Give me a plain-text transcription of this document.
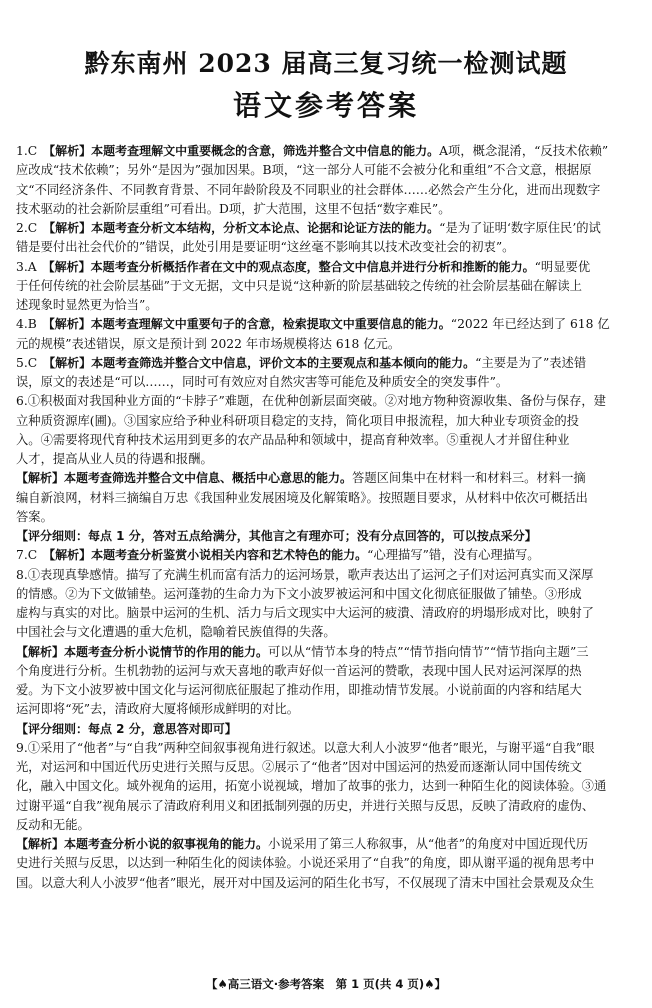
黔东南州 2023 届高三复习统一检测试题
语文参考答案
1.C 【解析】本题考查理解文中重要概念的含意，筛选并整合文中信息的能力。A项，概念混淆，“反技术依赖”
应改成“技术依赖”；另外“是因为”强加因果。B项，“这一部分人可能不会被分化和重组”不合文意，根据原
文“不同经济条件、不同教育背景、不同年龄阶段及不同职业的社会群体……必然会产生分化，进而出现数字
技术驱动的社会新阶层重组”可看出。D项，扩大范围，这里不包括“数字难民”。
2.C 【解析】本题考查分析文本结构，分析文本论点、论据和论证方法的能力。“是为了证明‘数字原住民’的试
错是要付出社会代价的”错误，此处引用是要证明“这丝毫不影响其以技术改变社会的初衷”。
3.A 【解析】本题考查分析概括作者在文中的观点态度，整合文中信息并进行分析和推断的能力。“明显要优
于任何传统的社会阶层基础”于文无据，文中只是说“这种新的阶层基础较之传统的社会阶层基础在解读上
述现象时显然更为恰当”。
4.B 【解析】本题考查理解文中重要句子的含意，检索提取文中重要信息的能力。“2022 年已经达到了 618 亿
元的规模”表述错误，原文是预计到 2022 年市场规模将达 618 亿元。
5.C 【解析】本题考查筛选并整合文中信息，评价文本的主要观点和基本倾向的能力。“主要是为了”表述错
误，原文的表述是“可以……，同时可有效应对自然灾害等可能危及种质安全的突发事件”。
6.①积极面对我国种业方面的“卡脖子”难题，在优种创新层面突破。②对地方物种资源收集、备份与保存，建
立种质资源库(圃)。③国家应给予种业科研项目稳定的支持，简化项目申报流程，加大种业专项资金的投
入。④需要将现代育种技术运用到更多的农产品品种和领域中，提高育种效率。⑤重视人才并留住种业
人才，提高从业人员的待遇和报酬。
【解析】本题考查筛选并整合文中信息、概括中心意思的能力。答题区间集中在材料一和材料三。材料一摘
编自新浪网，材料三摘编自万忠《我国种业发展困境及化解策略》。按照题目要求，从材料中依次可概括出
答案。
【评分细则：每点 1 分，答对五点给满分，其他言之有理亦可；没有分点回答的，可以按点采分】
7.C 【解析】本题考查分析鉴赏小说相关内容和艺术特色的能力。“心理描写”错，没有心理描写。
8.①表现真挚感情。描写了充满生机而富有活力的运河场景，歌声表达出了运河之子们对运河真实而又深厚
的情感。②为下文做铺垫。运河蓬勃的生命力为下文小波罗被运河和中国文化彻底征服做了铺垫。③形成
虚构与真实的对比。脑景中运河的生机、活力与后文现实中大运河的疲潰、清政府的坍塌形成对比，映射了
中国社会与文化遭遇的重大危机，隐喻着民族值得的失落。
【解析】本题考查分析小说情节的作用的能力。可以从“情节本身的特点”“情节指向情节”“情节指向主题”三
个角度进行分析。生机勃勃的运河与欢天喜地的歌声好似一首运河的赞歌，表现中国人民对运河深厚的热
爱。为下文小波罗被中国文化与运河彻底征服起了推动作用，即推动情节发展。小说前面的内容和结尾大
运河即将“死”去，清政府大厦将倾形成鲜明的对比。
【评分细则：每点 2 分，意思答对即可】
9.①采用了“他者”与“自我”两种空间叙事视角进行叙述。以意大利人小波罗“他者”眼光，与谢平遥“自我”眼
光，对运河和中国近代历史进行关照与反思。②展示了“他者”因对中国运河的热爱而逐渐认同中国传统文
化，融入中国文化。域外视角的运用，拓宽小说视域，增加了故事的张力，达到一种陌生化的阅读体验。③通
过谢平遥“自我”视角展示了清政府利用义和团抵制列强的历史，并进行关照与反思，反映了清政府的虚伪、
反动和无能。
【解析】本题考查分析小说的叙事视角的能力。小说采用了第三人称叙事，从“他者”的角度对中国近现代历
史进行关照与反思，以达到一种陌生化的阅读体验。小说还采用了“自我”的角度，即从谢平遥的视角思考中
国。以意大利人小波罗“他者”眼光，展开对中国及运河的陌生化书写，不仅展现了清末中国社会景观及众生
【♠高三语文·参考答案　第 1 页(共 4 页)♠】
